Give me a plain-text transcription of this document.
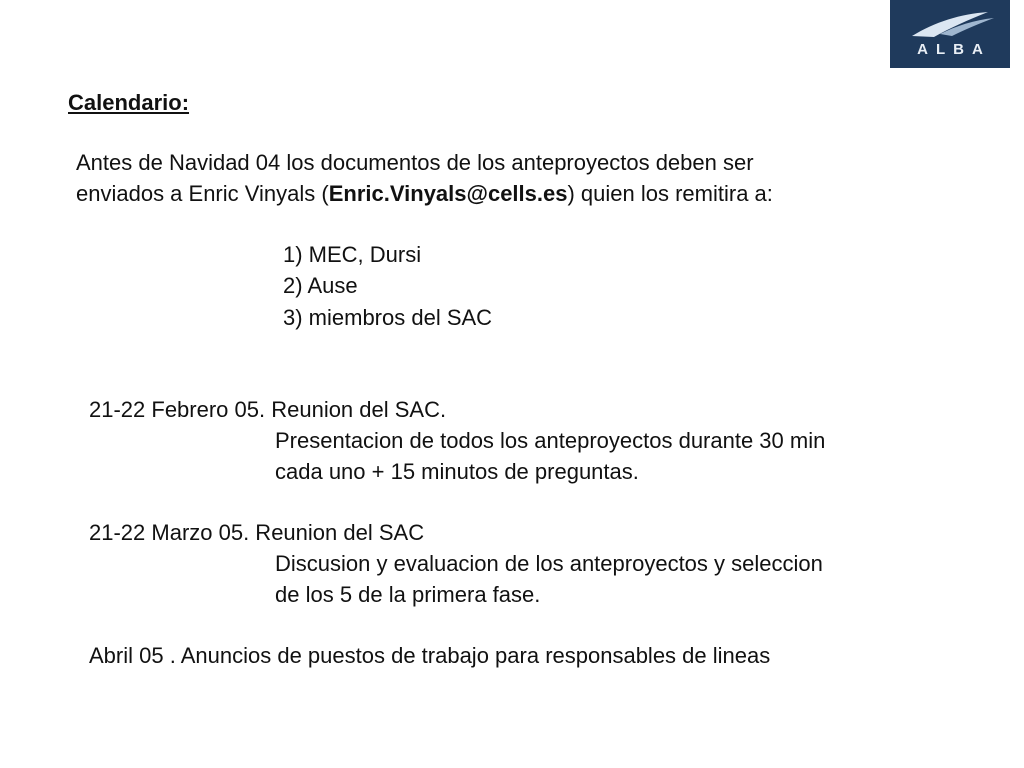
ALBA
Calendario:
Antes de Navidad 04 los documentos de los anteproyectos deben ser
enviados a Enric Vinyals (Enric.Vinyals@cells.es) quien los remitira a:
1) MEC, Dursi
2) Ause
3) miembros del SAC
21-22 Febrero 05. Reunion del SAC.
Presentacion de todos los anteproyectos durante 30 min
cada uno + 15 minutos de preguntas.
21-22 Marzo 05. Reunion del SAC
Discusion y evaluacion de los anteproyectos y seleccion
de los 5 de la primera fase.
Abril 05 . Anuncios de puestos de trabajo para responsables de lineas
